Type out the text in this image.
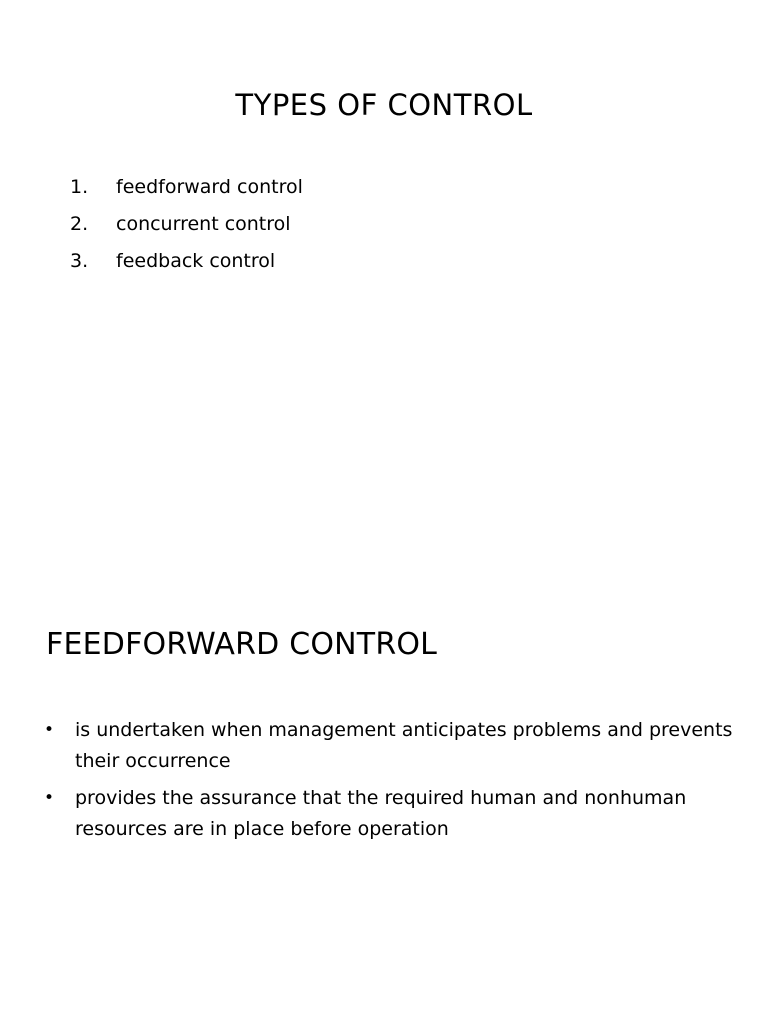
TYPES OF CONTROL
1.	feedforward control
2.	concurrent control
3.	feedback control
FEEDFORWARD CONTROL
•	is undertaken when management anticipates problems and prevents their occurrence
•	provides the assurance that the required human and nonhuman resources are in place before operation
